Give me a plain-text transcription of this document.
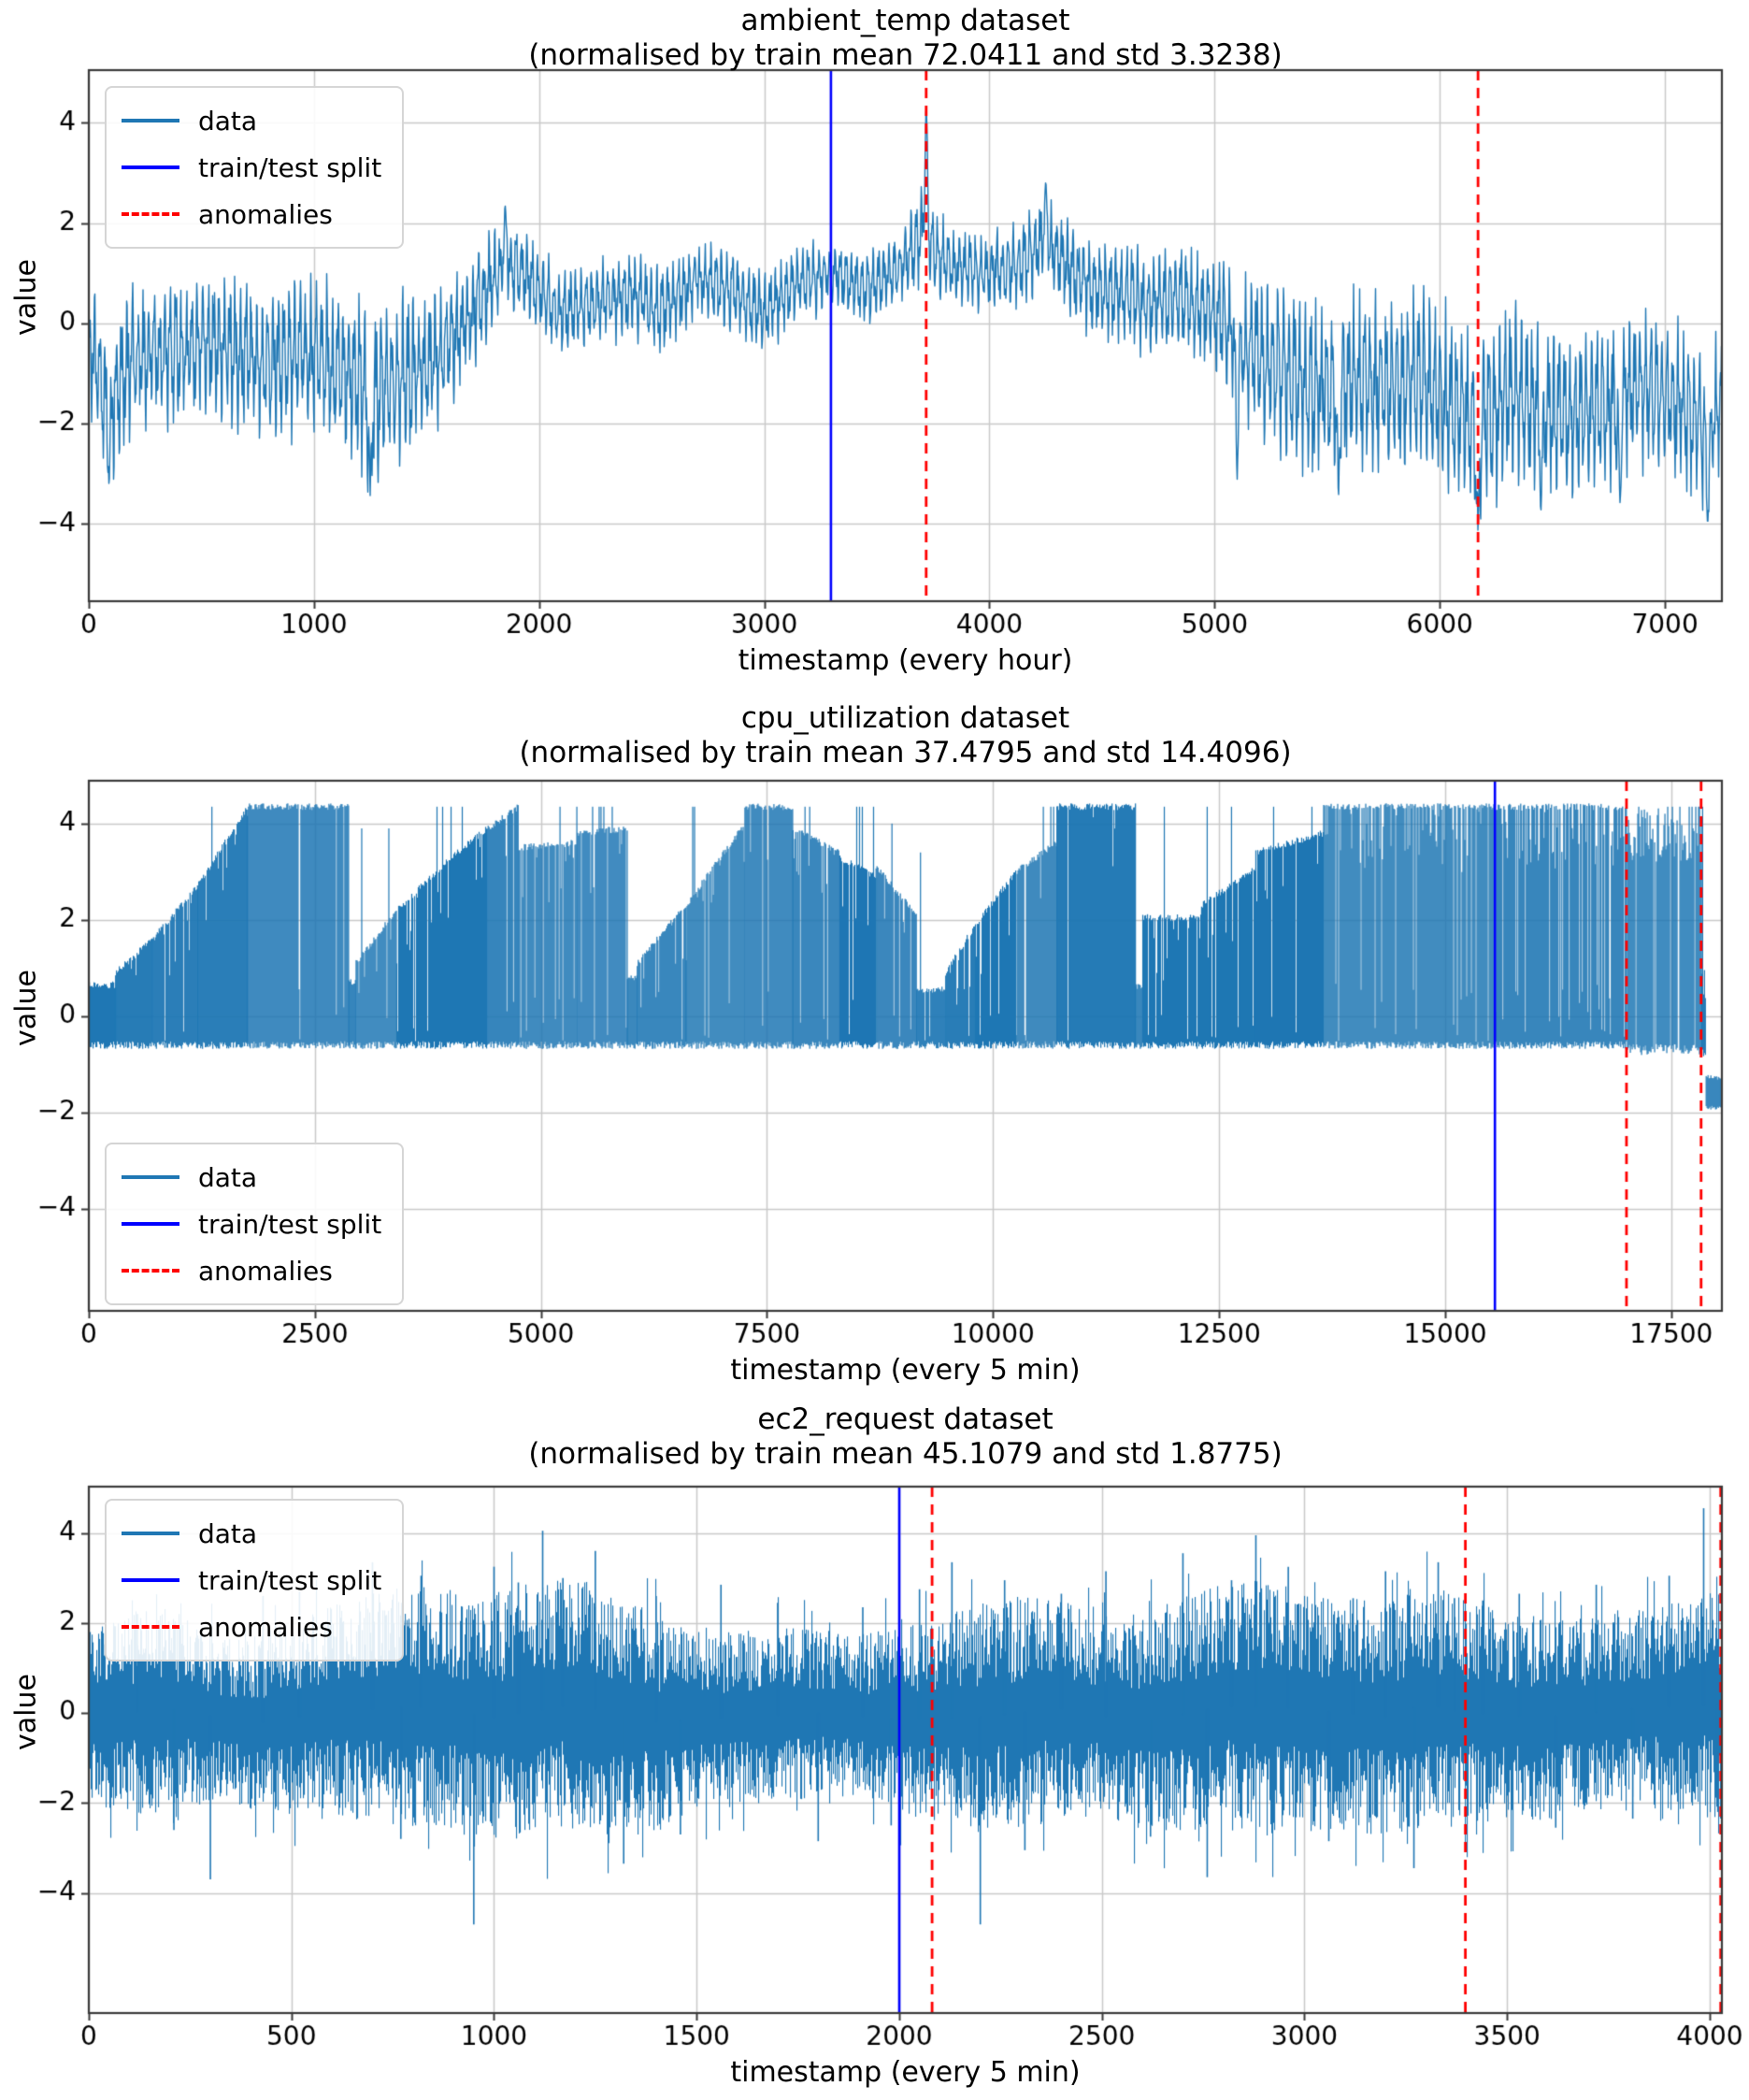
ambient_temp dataset
(normalised by train mean 72.0411 and std 3.3238)
value
timestamp (every hour)
data
train/test split
anomalies
cpu_utilization dataset
(normalised by train mean 37.4795 and std 14.4096)
value
timestamp (every 5 min)
data
train/test split
anomalies
ec2_request dataset
(normalised by train mean 45.1079 and std 1.8775)
value
timestamp (every 5 min)
data
train/test split
anomalies
